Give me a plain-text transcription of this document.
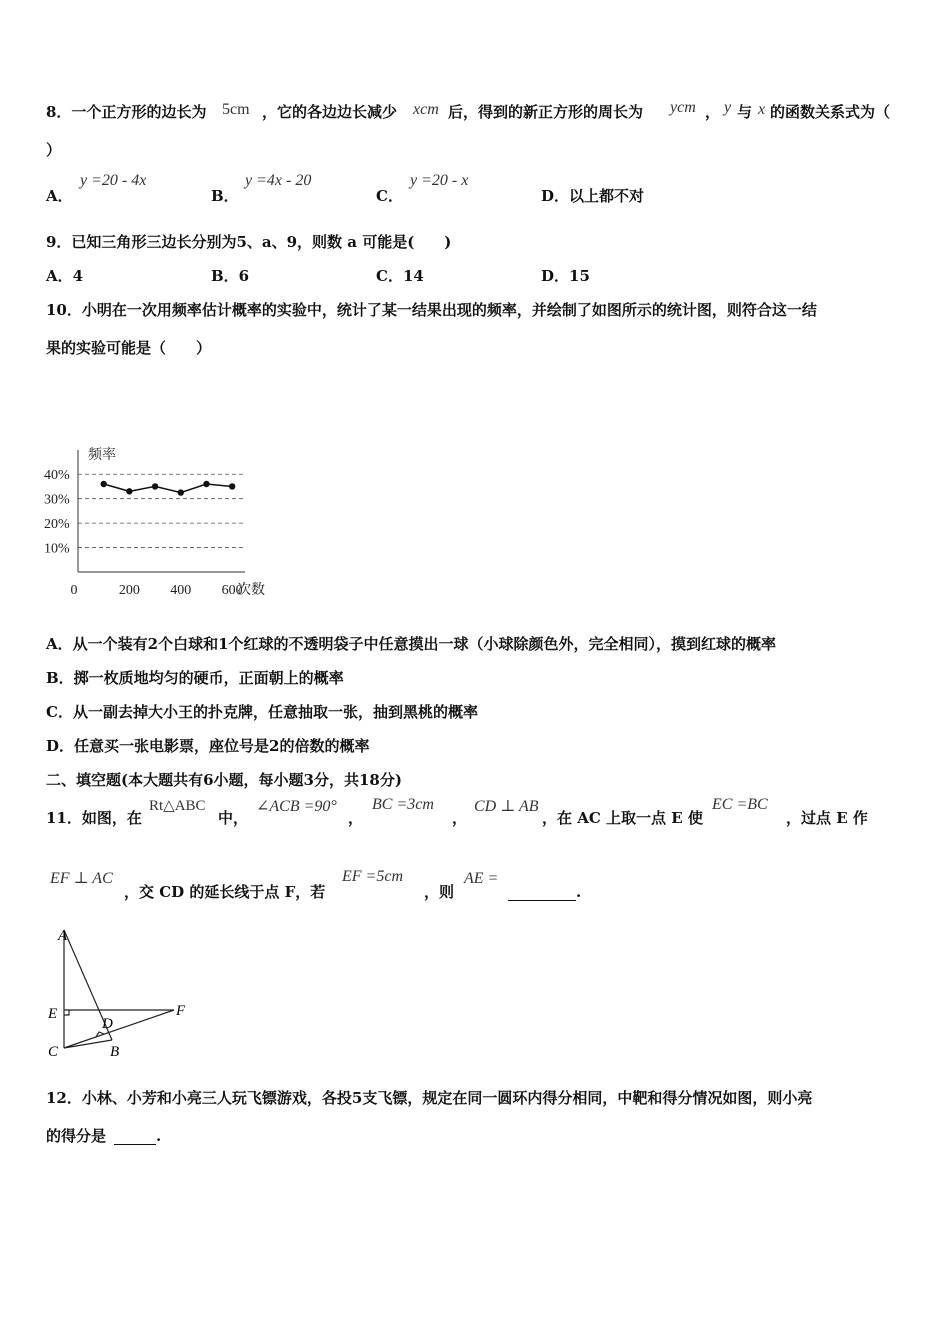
8．一个正方形的边长为 5cm ，它的各边边长减少 xcm 后，得到的新正方形的周长为 ycm ， y 与 x 的函数关系式为（
）
A．
y =20 - 4x
B．
y =4x - 20
C．
y =20 - x
D．以上都不对
9．已知三角形三边长分别为5、a、9，则数 a 可能是(　　)
A．4	B．6	C．14	D．15
10．小明在一次用频率估计概率的实验中，统计了某一结果出现的频率，并绘制了如图所示的统计图，则符合这一结
果的实验可能是（　　）
频率
次数
10%
20%
30%
40%
0	200 400 600
A．从一个装有2个白球和1个红球的不透明袋子中任意摸出一球（小球除颜色外，完全相同），摸到红球的概率
B．掷一枚质地均匀的硬币，正面朝上的概率
C．从一副去掉大小王的扑克牌，任意抽取一张，抽到黑桃的概率
D．任意买一张电影票，座位号是2的倍数的概率
二、填空题(本大题共有6小题，每小题3分，共18分)
11．如图，在
Rt△ABC
中，
∠ACB =90°
，
BC =3cm
，
CD ⊥ AB
，在 AC 上取一点 E 使
EC =BC
，过点 E 作
EF ⊥ AC
，交 CD 的延长线于点 F，若
EF =5cm
，则
AE =
.
A
E
C
D
B
F
12．小林、小芳和小亮三人玩飞镖游戏，各投5支飞镖，规定在同一圆环内得分相同，中靶和得分情况如图，则小亮
的得分是	.
